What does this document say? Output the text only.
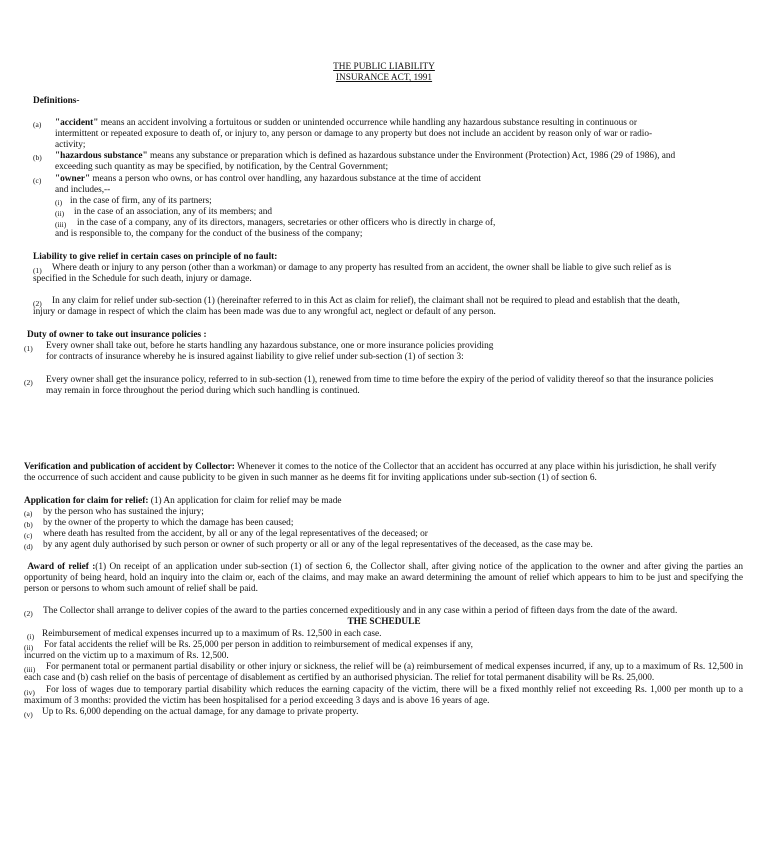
THE PUBLIC LIABILITY
INSURANCE ACT, 1991
Definitions-
(a) "accident" means an accident involving a fortuitous or sudden or unintended occurrence while handling any hazardous substance resulting in continuous or
intermittent or repeated exposure to death of, or injury to, any person or damage to any property but does not include an accident by reason only of war or radio-
activity;
(b) "hazardous substance" means any substance or preparation which is defined as hazardous substance under the Environment (Protection) Act, 1986 (29 of 1986), and
exceeding such quantity as may be specified, by notification, by the Central Government;
(c) "owner" means a person who owns, or has control over handling, any hazardous substance at the time of accident
and includes,--
(i) in the case of firm, any of its partners;
(ii) in the case of an association, any of its members; and
(iii) in the case of a company, any of its directors, managers, secretaries or other officers who is directly in charge of,
and is responsible to, the company for the conduct of the business of the company;
Liability to give relief in certain cases on principle of no fault:
(1) Where death or injury to any person (other than a workman) or damage to any property has resulted from an accident, the owner shall be liable to give such relief as is
specified in the Schedule for such death, injury or damage.
(2) In any claim for relief under sub-section (1) (hereinafter referred to in this Act as claim for relief), the claimant shall not be required to plead and establish that the death,
injury or damage in respect of which the claim has been made was due to any wrongful act, neglect or default of any person.
Duty of owner to take out insurance policies :
(1) Every owner shall take out, before he starts handling any hazardous substance, one or more insurance policies providing
for contracts of insurance whereby he is insured against liability to give relief under sub-section (1) of section 3:
(2) Every owner shall get the insurance policy, referred to in sub-section (1), renewed from time to time before the expiry of the period of validity thereof so that the insurance policies
may remain in force throughout the period during which such handling is continued.
Verification and publication of accident by Collector: Whenever it comes to the notice of the Collector that an accident has occurred at any place within his jurisdiction, he shall verify
the occurrence of such accident and cause publicity to be given in such manner as he deems fit for inviting applications under sub-section (1) of section 6.
Application for claim for relief: (1) An application for claim for relief may be made
(a) by the person who has sustained the injury;
(b) by the owner of the property to which the damage has been caused;
(c) where death has resulted from the accident, by all or any of the legal representatives of the deceased; or
(d) by any agent duly authorised by such person or owner of such property or all or any of the legal representatives of the deceased, as the case may be.
Award of relief :(1) On receipt of an application under sub-section (1) of section 6, the Collector shall, after giving notice of the application to the owner and after giving the parties an opportunity of being heard, hold an inquiry into the claim or, each of the claims, and may make an award determining the amount of relief which appears to him to be just and specifying the person or persons to whom such amount of relief shall be paid.
(2) The Collector shall arrange to deliver copies of the award to the parties concerned expeditiously and in any case within a period of fifteen days from the date of the award.
THE SCHEDULE
(i) Reimbursement of medical expenses incurred up to a maximum of Rs. 12,500 in each case.
(ii) For fatal accidents the relief will be Rs. 25,000 per person in addition to reimbursement of medical expenses if any,
incurred on the victim up to a maximum of Rs. 12,500.
(iii)	For permanent total or permanent partial disability or other injury or sickness, the relief will be (a) reimbursement of medical expenses incurred, if any, up to a maximum of Rs. 12,500 in each case and (b) cash relief on the basis of percentage of disablement as certified by an authorised physician. The relief for total permanent disability will be Rs. 25,000.
(iv)	For loss of wages due to temporary partial disability which reduces the earning capacity of the victim, there will be a fixed monthly relief not exceeding Rs. 1,000 per month up to a maximum of 3 months: provided the victim has been hospitalised for a period exceeding 3 days and is above 16 years of age.
(v) Up to Rs. 6,000 depending on the actual damage, for any damage to private property.
